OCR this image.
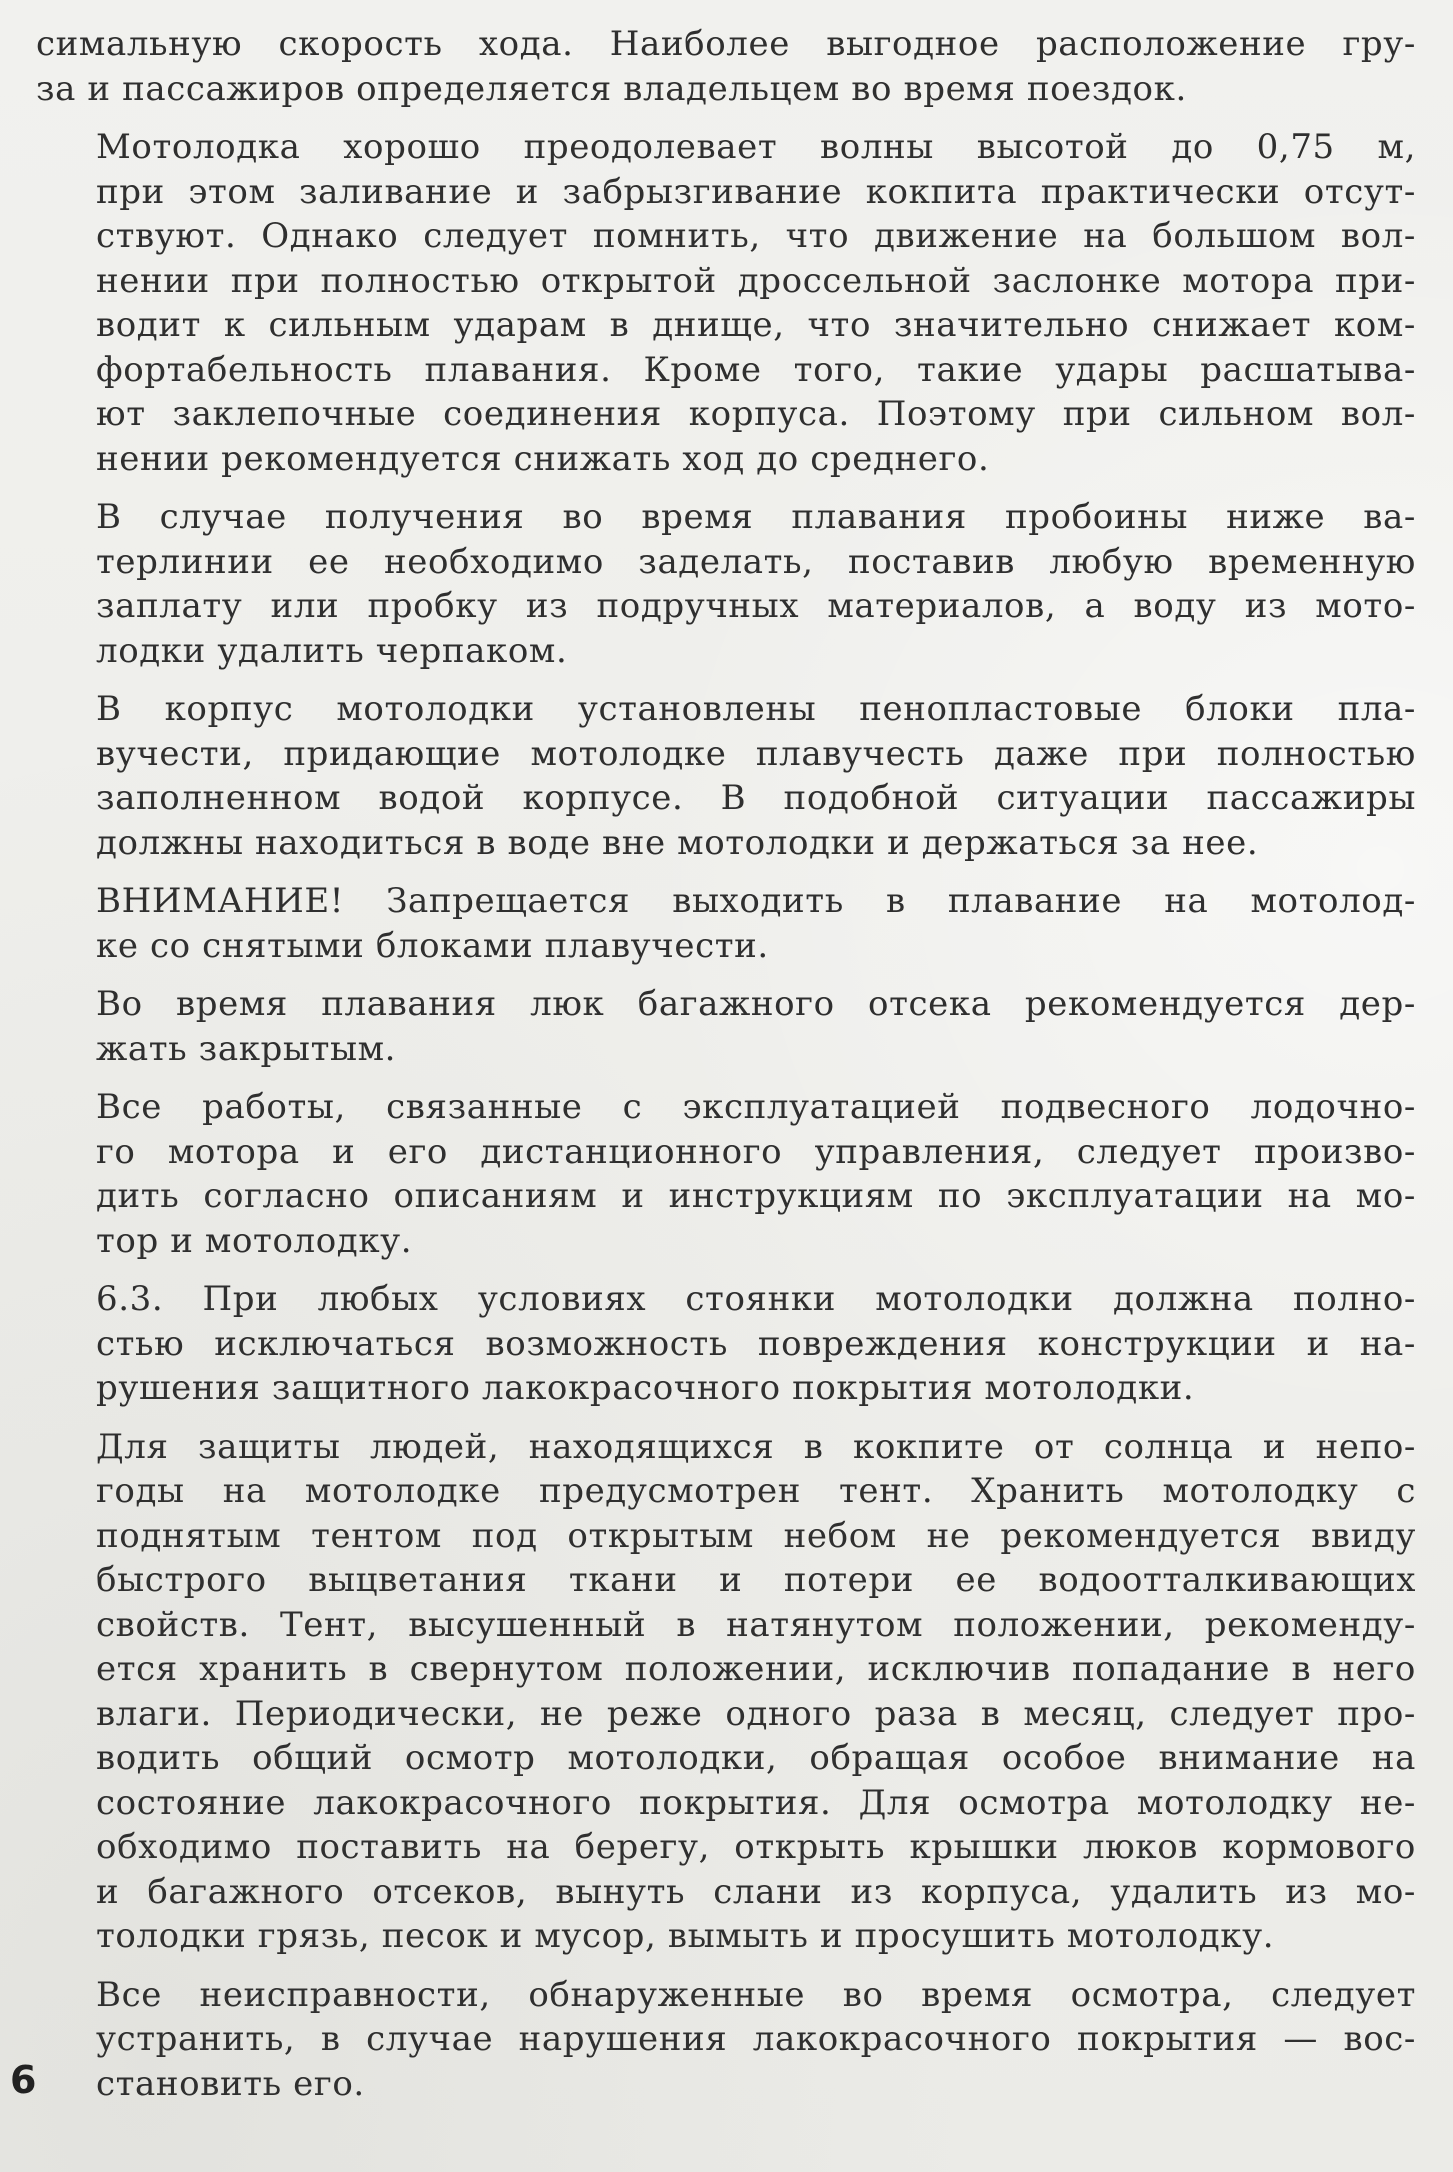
симальную скорость хода. Наиболее выгодное расположение гру-
за и пассажиров определяется владельцем во время поездок.

Мотолодка хорошо преодолевает волны высотой до 0,75 м,
при этом заливание и забрызгивание кокпита практически отсут-
ствуют. Однако следует помнить, что движение на большом вол-
нении при полностью открытой дроссельной заслонке мотора при-
водит к сильным ударам в днище, что значительно снижает ком-
фортабельность плавания. Кроме того, такие удары расшатыва-
ют заклепочные соединения корпуса. Поэтому при сильном вол-
нении рекомендуется снижать ход до среднего.

В случае получения во время плавания пробоины ниже ва-
терлинии ее необходимо заделать, поставив любую временную
заплату или пробку из подручных материалов, а воду из мото-
лодки удалить черпаком.

В корпус мотолодки установлены пенопластовые блоки пла-
вучести, придающие мотолодке плавучесть даже при полностью
заполненном водой корпусе. В подобной ситуации пассажиры
должны находиться в воде вне мотолодки и держаться за нее.

ВНИМАНИЕ! Запрещается выходить в плавание на мотолод-
ке со снятыми блоками плавучести.

Во время плавания люк багажного отсека рекомендуется дер-
жать закрытым.

Все работы, связанные с эксплуатацией подвесного лодочно-
го мотора и его дистанционного управления, следует произво-
дить согласно описаниям и инструкциям по эксплуатации на мо-
тор и мотолодку.

6.3. При любых условиях стоянки мотолодки должна полно-
стью исключаться возможность повреждения конструкции и на-
рушения защитного лакокрасочного покрытия мотолодки.

Для защиты людей, находящихся в кокпите от солнца и непо-
годы на мотолодке предусмотрен тент. Хранить мотолодку с
поднятым тентом под открытым небом не рекомендуется ввиду
быстрого выцветания ткани и потери ее водоотталкивающих
свойств. Тент, высушенный в натянутом положении, рекоменду-
ется хранить в свернутом положении, исключив попадание в него
влаги. Периодически, не реже одного раза в месяц, следует про-
водить общий осмотр мотолодки, обращая особое внимание на
состояние лакокрасочного покрытия. Для осмотра мотолодку не-
обходимо поставить на берегу, открыть крышки люков кормового
и багажного отсеков, вынуть слани из корпуса, удалить из мо-
толодки грязь, песок и мусор, вымыть и просушить мотолодку.

Все неисправности, обнаруженные во время осмотра, следует
устранить, в случае нарушения лакокрасочного покрытия — вос-
становить его.

6
